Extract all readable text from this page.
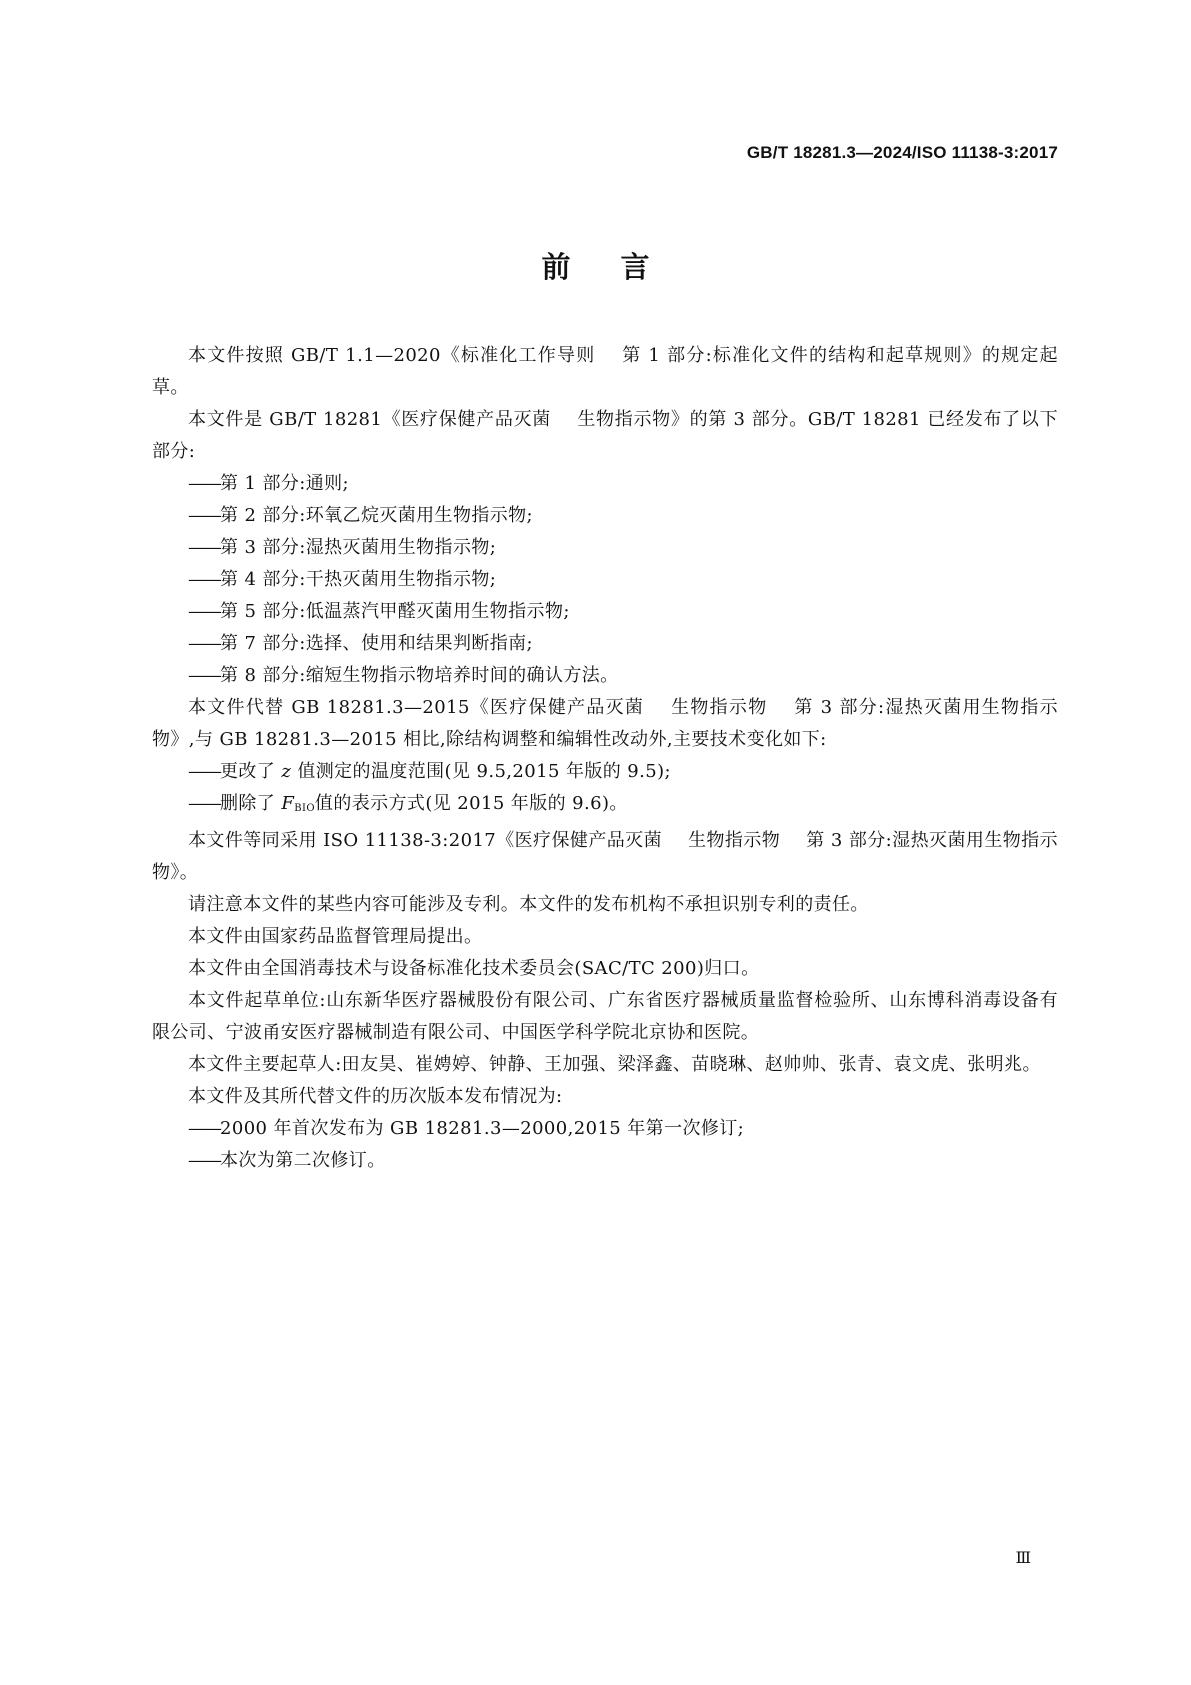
GB/T 18281.3—2024/ISO 11138-3:2017
前言

本文件按照 GB/T 1.1—2020《标准化工作导则 第 1 部分:标准化文件的结构和起草规则》的规定起草。

本文件是 GB/T 18281《医疗保健产品灭菌 生物指示物》的第 3 部分。GB/T 18281 已经发布了以下部分:

——第 1 部分:通则;

——第 2 部分:环氧乙烷灭菌用生物指示物;

——第 3 部分:湿热灭菌用生物指示物;

——第 4 部分:干热灭菌用生物指示物;

——第 5 部分:低温蒸汽甲醛灭菌用生物指示物;

——第 7 部分:选择、使用和结果判断指南;

——第 8 部分:缩短生物指示物培养时间的确认方法。

本文件代替 GB 18281.3—2015《医疗保健产品灭菌 生物指示物 第 3 部分:湿热灭菌用生物指示物》,与 GB 18281.3—2015 相比,除结构调整和编辑性改动外,主要技术变化如下:

——更改了 z 值测定的温度范围(见 9.5,2015 年版的 9.5);

——删除了 $F_{BIO}$值的表示方式(见 2015 年版的 9.6)。

本文件等同采用 ISO 11138-3:2017《医疗保健产品灭菌 生物指示物 第 3 部分:湿热灭菌用生物指示物》。

请注意本文件的某些内容可能涉及专利。本文件的发布机构不承担识别专利的责任。

本文件由国家药品监督管理局提出。

本文件由全国消毒技术与设备标准化技术委员会(SAC/TC 200)归口。

本文件起草单位:山东新华医疗器械股份有限公司、广东省医疗器械质量监督检验所、山东博科消毒设备有限公司、宁波甬安医疗器械制造有限公司、中国医学科学院北京协和医院。

本文件主要起草人:田友昊、崔娉婷、钟静、王加强、梁泽鑫、苗晓琳、赵帅帅、张青、袁文虎、张明兆。

本文件及其所代替文件的历次版本发布情况为:

——2000 年首次发布为 GB 18281.3—2000,2015 年第一次修订;

——本次为第二次修订。

Ⅲ
